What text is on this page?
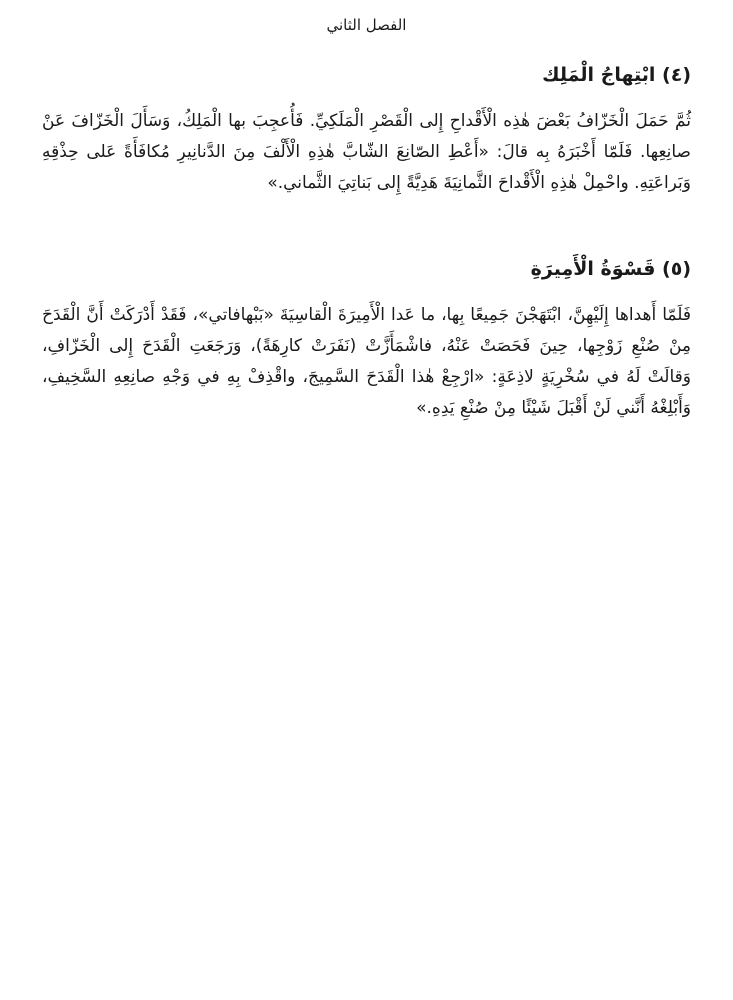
الفصل الثاني
(٤) ابْتِهاجُ الْمَلِك

ثُمَّ حَمَلَ الْخَزّافُ بَعْضَ هٰذِه الْأَقْداحِ إِلى الْقَصْرِ الْمَلَكِيِّ. فَأُعجِبَ بها الْمَلِكُ، وَسَأَلَ الْخَزّافَ عَنْ صانِعِها. فَلَمّا أَخْبَرَهُ بِه قالَ: «أَعْطِ الصّانِعَ الشّابَّ هٰذِهِ الْأَلْفَ مِنَ الدَّنانِيرِ مُكافَأَةً عَلى حِذْقِهِ وَبَراعَتِهِ. واحْمِلْ هٰذِهِ الْأَقْداحَ الثَّمانِيَةَ هَدِيَّةً إِلى بَناتِيَ الثَّماني.»

(٥) قَسْوَةُ الْأَمِيرَةِ

فَلَمّا أَهداها إِلَيْهِنَّ، ابْتَهَجْنَ جَمِيعًا بِها، ما عَدا الْأَمِيرَةَ الْقاسِيَةَ «بَبْهافاتي»، فَقَدْ أَدْرَكَتْ أَنَّ الْقَدَحَ مِنْ صُنْعِ زَوْجِها، حِينَ فَحَصَتْ عَنْهُ، فاشْمَأَزَّتْ (نَفَرَتْ كارِهَةً)، وَرَجَعَتِ الْقَدَحَ إِلى الْخَزّافِ، وَقالَتْ لَهُ في سُخْرِيَةٍ لاذِعَةٍ: «ارْجِعْ هٰذا الْقَدَحَ السَّمِيجَ، واقْذِفْ بِهِ في وَجْهِ صانِعِهِ السَّخِيفِ، وَأَبْلِغْهُ أَنَّني لَنْ أَقْبَلَ شَيْئًا مِنْ صُنْعِ يَدِهِ.»
